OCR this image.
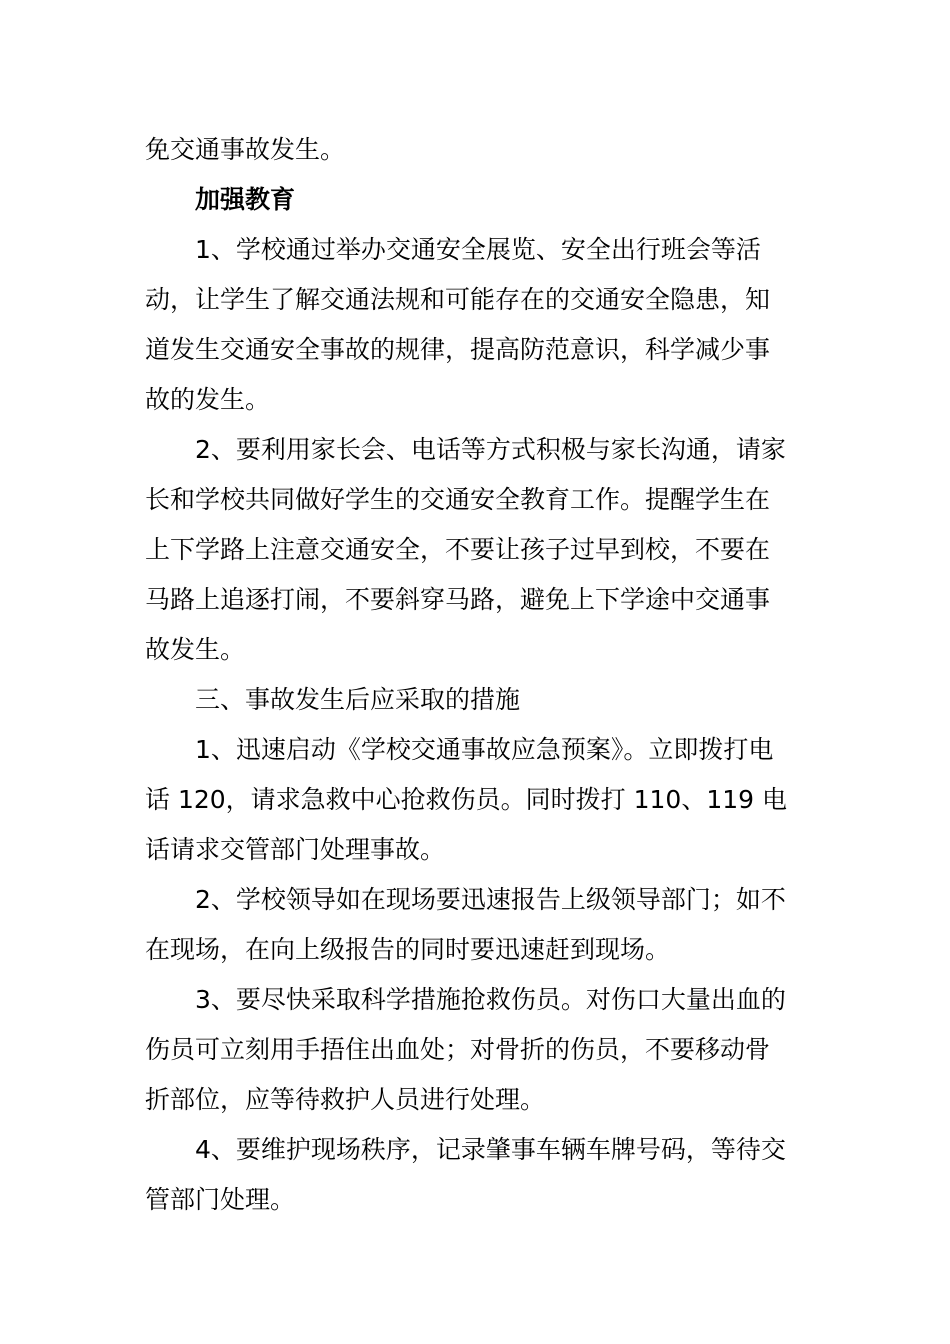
免交通事故发生。
加强教育
1、学校通过举办交通安全展览、安全出行班会等活
动，让学生了解交通法规和可能存在的交通安全隐患，知
道发生交通安全事故的规律，提高防范意识，科学减少事
故的发生。
2、要利用家长会、电话等方式积极与家长沟通，请家
长和学校共同做好学生的交通安全教育工作。提醒学生在
上下学路上注意交通安全，不要让孩子过早到校，不要在
马路上追逐打闹，不要斜穿马路，避免上下学途中交通事
故发生。
三、事故发生后应采取的措施
1、迅速启动《学校交通事故应急预案》。立即拨打电
话 120，请求急救中心抢救伤员。同时拨打 110、119 电
话请求交管部门处理事故。
2、学校领导如在现场要迅速报告上级领导部门；如不
在现场，在向上级报告的同时要迅速赶到现场。
3、要尽快采取科学措施抢救伤员。对伤口大量出血的
伤员可立刻用手捂住出血处；对骨折的伤员，不要移动骨
折部位，应等待救护人员进行处理。
4、要维护现场秩序，记录肇事车辆车牌号码，等待交
管部门处理。
